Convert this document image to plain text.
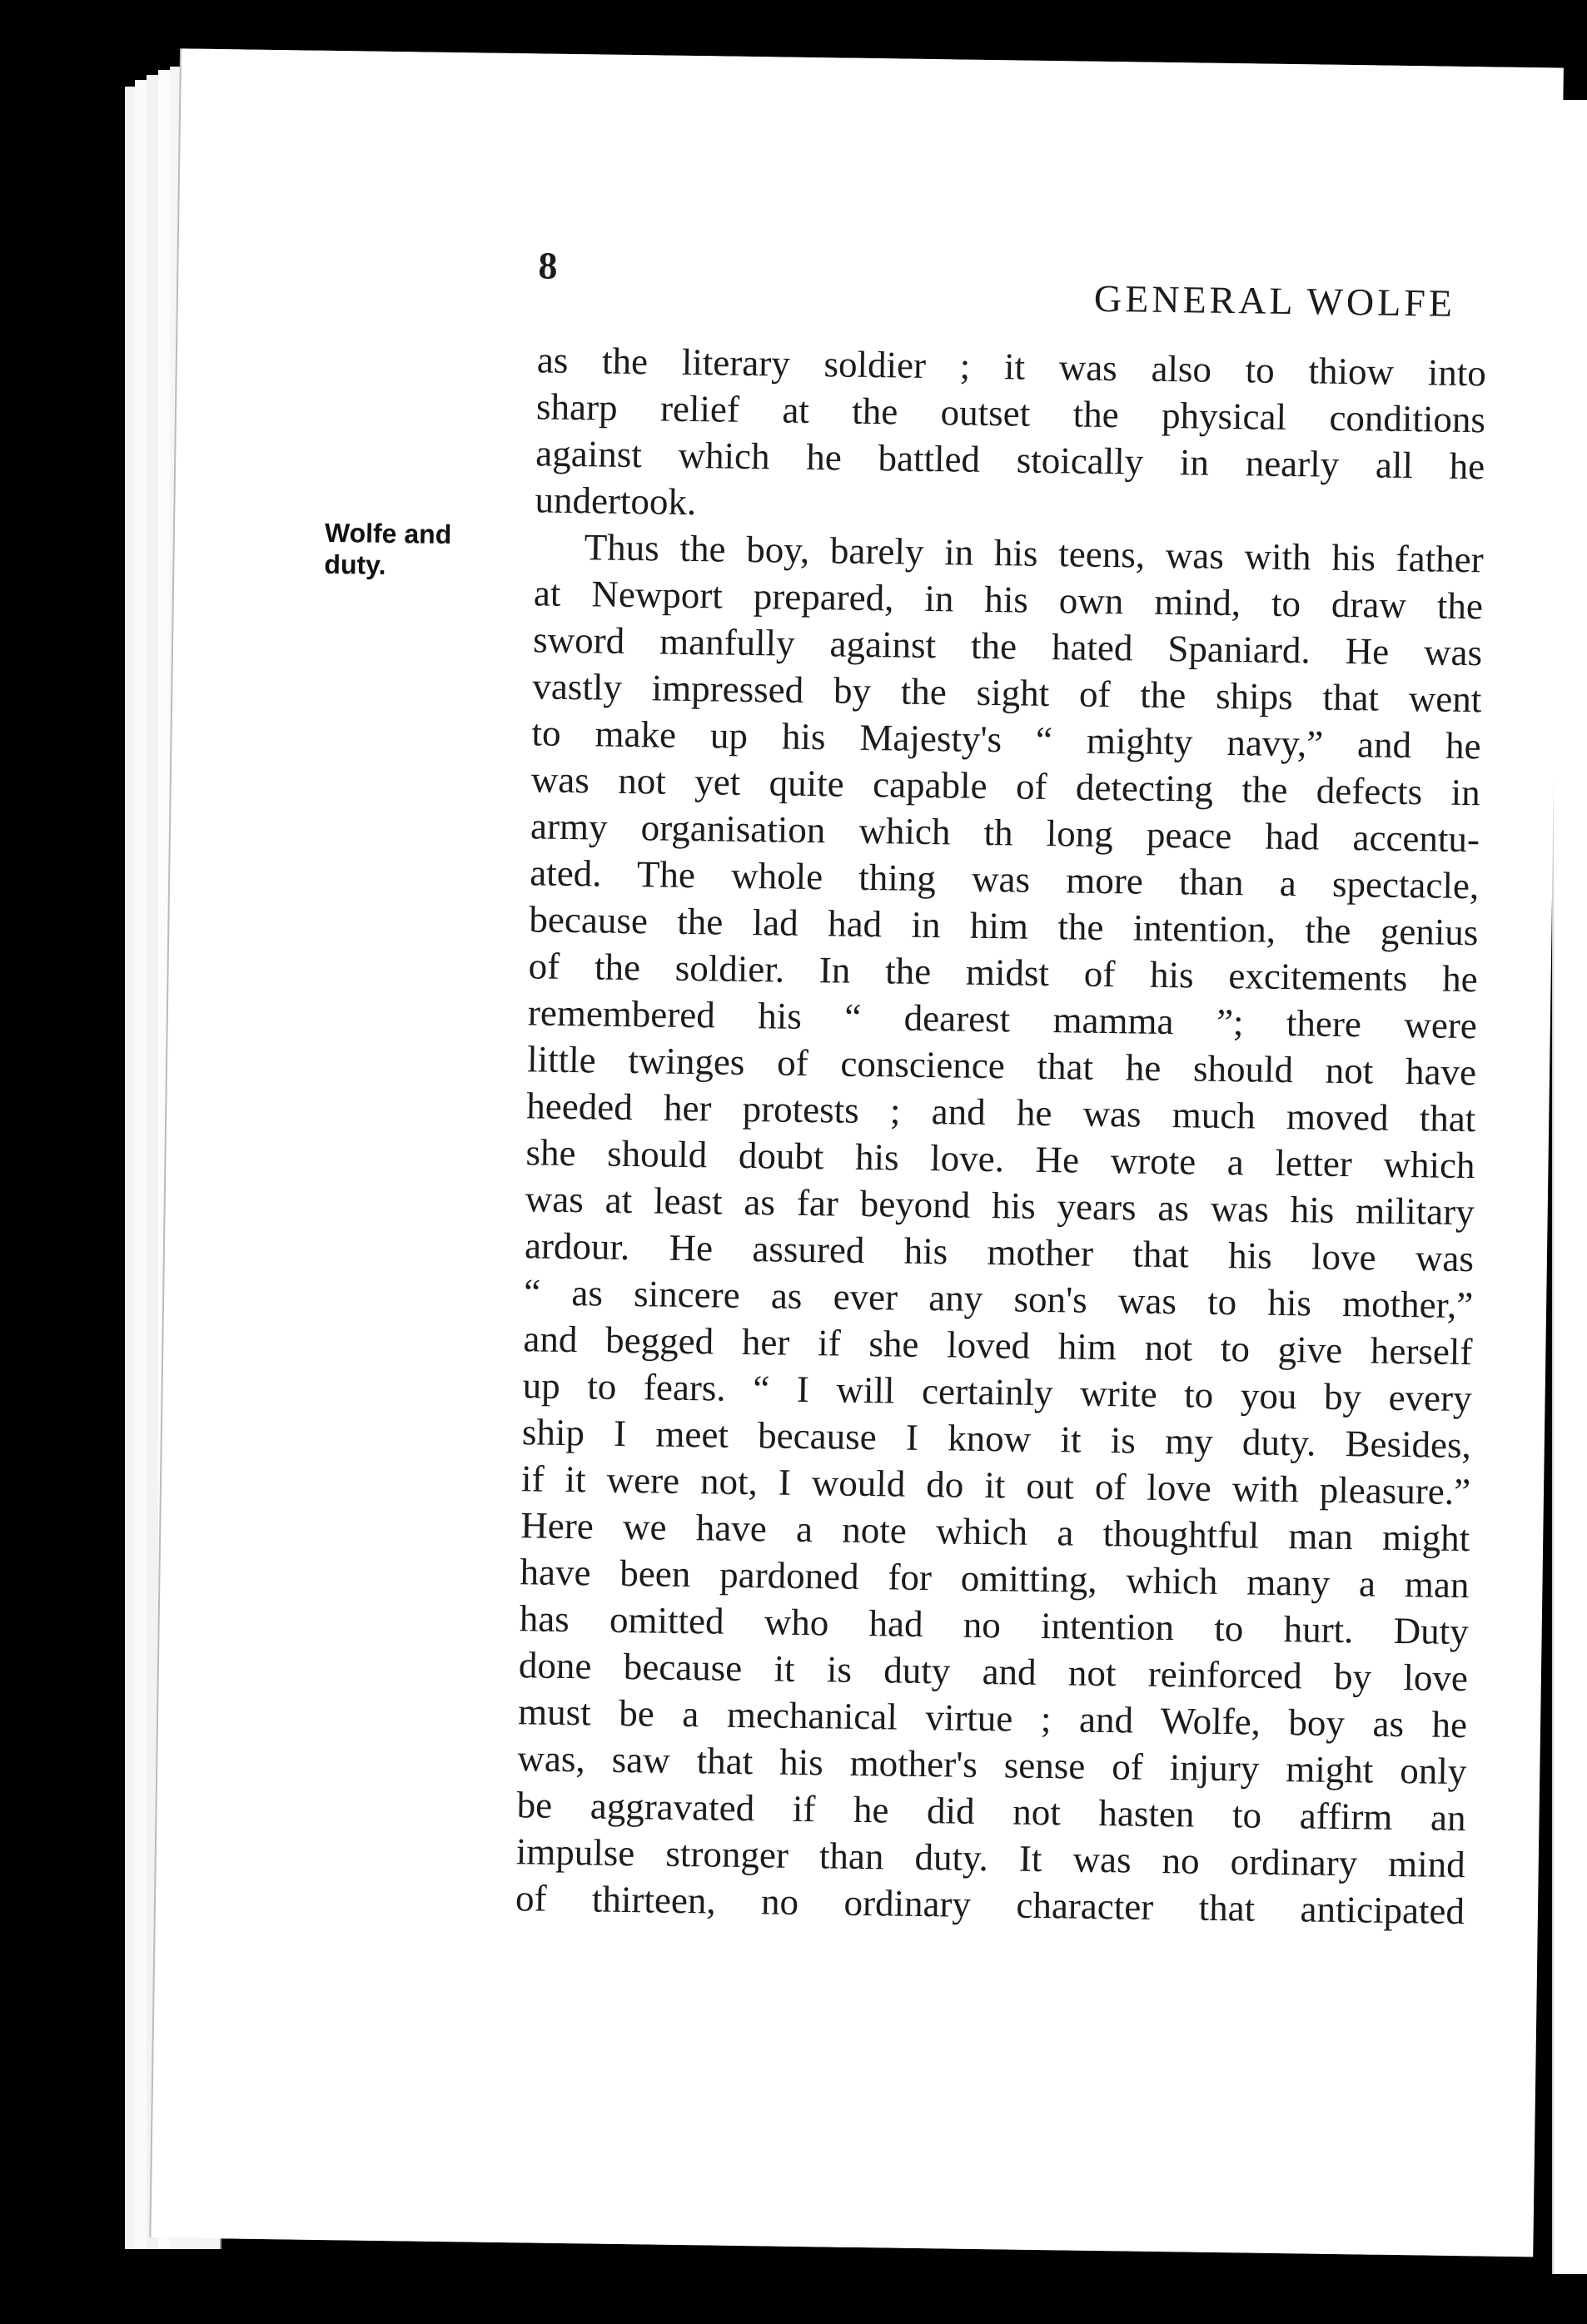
8
GENERAL WOLFE
Wolfe and
duty.
as the literary soldier ; it was also to thiow into
sharp relief at the outset the physical conditions
against which he battled stoically in nearly all he
undertook.
Thus the boy, barely in his teens, was with his father
at Newport prepared, in his own mind, to draw the
sword manfully against the hated Spaniard. He was
vastly impressed by the sight of the ships that went
to make up his Majesty's “ mighty navy,” and he
was not yet quite capable of detecting the defects in
army organisation which th long peace had accentu-
ated. The whole thing was more than a spectacle,
because the lad had in him the intention, the genius
of the soldier. In the midst of his excitements he
remembered his “ dearest mamma ”; there were
little twinges of conscience that he should not have
heeded her protests ; and he was much moved that
she should doubt his love. He wrote a letter which
was at least as far beyond his years as was his military
ardour. He assured his mother that his love was
“ as sincere as ever any son's was to his mother,”
and begged her if she loved him not to give herself
up to fears. “ I will certainly write to you by every
ship I meet because I know it is my duty. Besides,
if it were not, I would do it out of love with pleasure.”
Here we have a note which a thoughtful man might
have been pardoned for omitting, which many a man
has omitted who had no intention to hurt. Duty
done because it is duty and not reinforced by love
must be a mechanical virtue ; and Wolfe, boy as he
was, saw that his mother's sense of injury might only
be aggravated if he did not hasten to affirm an
impulse stronger than duty. It was no ordinary mind
of thirteen, no ordinary character that anticipated
